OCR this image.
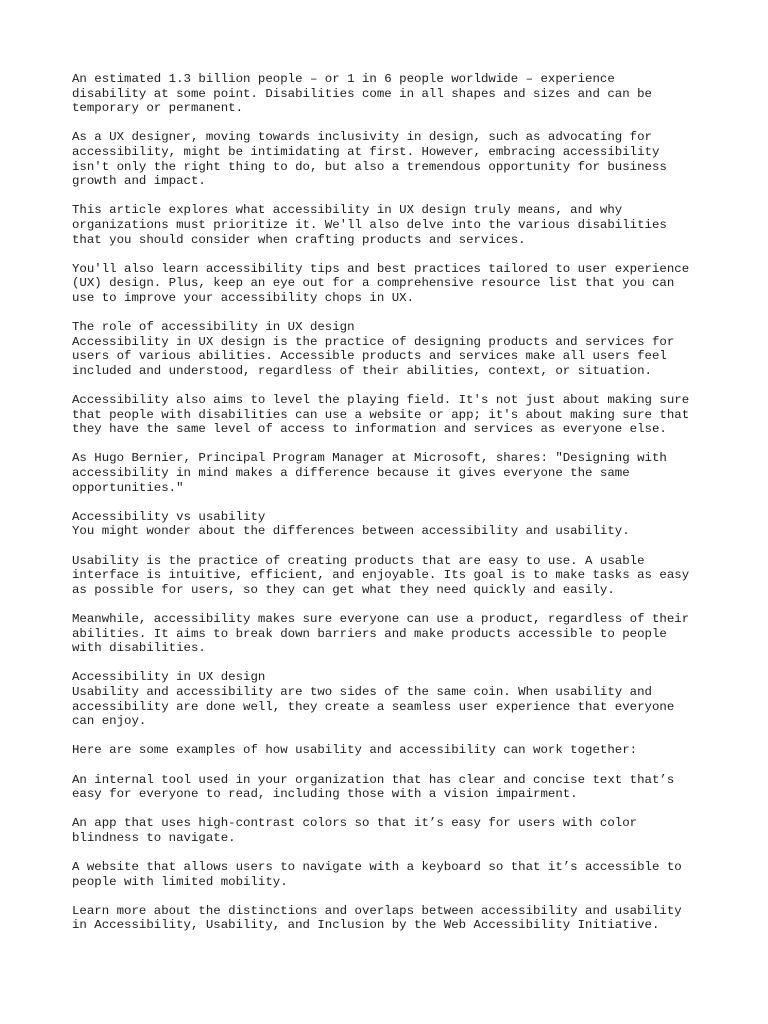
An estimated 1.3 billion people – or 1 in 6 people worldwide – experience
disability at some point. Disabilities come in all shapes and sizes and can be
temporary or permanent.

As a UX designer, moving towards inclusivity in design, such as advocating for
accessibility, might be intimidating at first. However, embracing accessibility
isn't only the right thing to do, but also a tremendous opportunity for business
growth and impact.

This article explores what accessibility in UX design truly means, and why
organizations must prioritize it. We'll also delve into the various disabilities
that you should consider when crafting products and services.

You'll also learn accessibility tips and best practices tailored to user experience
(UX) design. Plus, keep an eye out for a comprehensive resource list that you can
use to improve your accessibility chops in UX.

The role of accessibility in UX design
Accessibility in UX design is the practice of designing products and services for
users of various abilities. Accessible products and services make all users feel
included and understood, regardless of their abilities, context, or situation.

Accessibility also aims to level the playing field. It's not just about making sure
that people with disabilities can use a website or app; it's about making sure that
they have the same level of access to information and services as everyone else.

As Hugo Bernier, Principal Program Manager at Microsoft, shares: "Designing with
accessibility in mind makes a difference because it gives everyone the same
opportunities."

Accessibility vs usability
You might wonder about the differences between accessibility and usability.

Usability is the practice of creating products that are easy to use. A usable
interface is intuitive, efficient, and enjoyable. Its goal is to make tasks as easy
as possible for users, so they can get what they need quickly and easily.

Meanwhile, accessibility makes sure everyone can use a product, regardless of their
abilities. It aims to break down barriers and make products accessible to people
with disabilities.

Accessibility in UX design
Usability and accessibility are two sides of the same coin. When usability and
accessibility are done well, they create a seamless user experience that everyone
can enjoy.

Here are some examples of how usability and accessibility can work together:

An internal tool used in your organization that has clear and concise text that’s
easy for everyone to read, including those with a vision impairment.

An app that uses high-contrast colors so that it’s easy for users with color
blindness to navigate.

A website that allows users to navigate with a keyboard so that it’s accessible to
people with limited mobility.

Learn more about the distinctions and overlaps between accessibility and usability
in Accessibility, Usability, and Inclusion by the Web Accessibility Initiative.
